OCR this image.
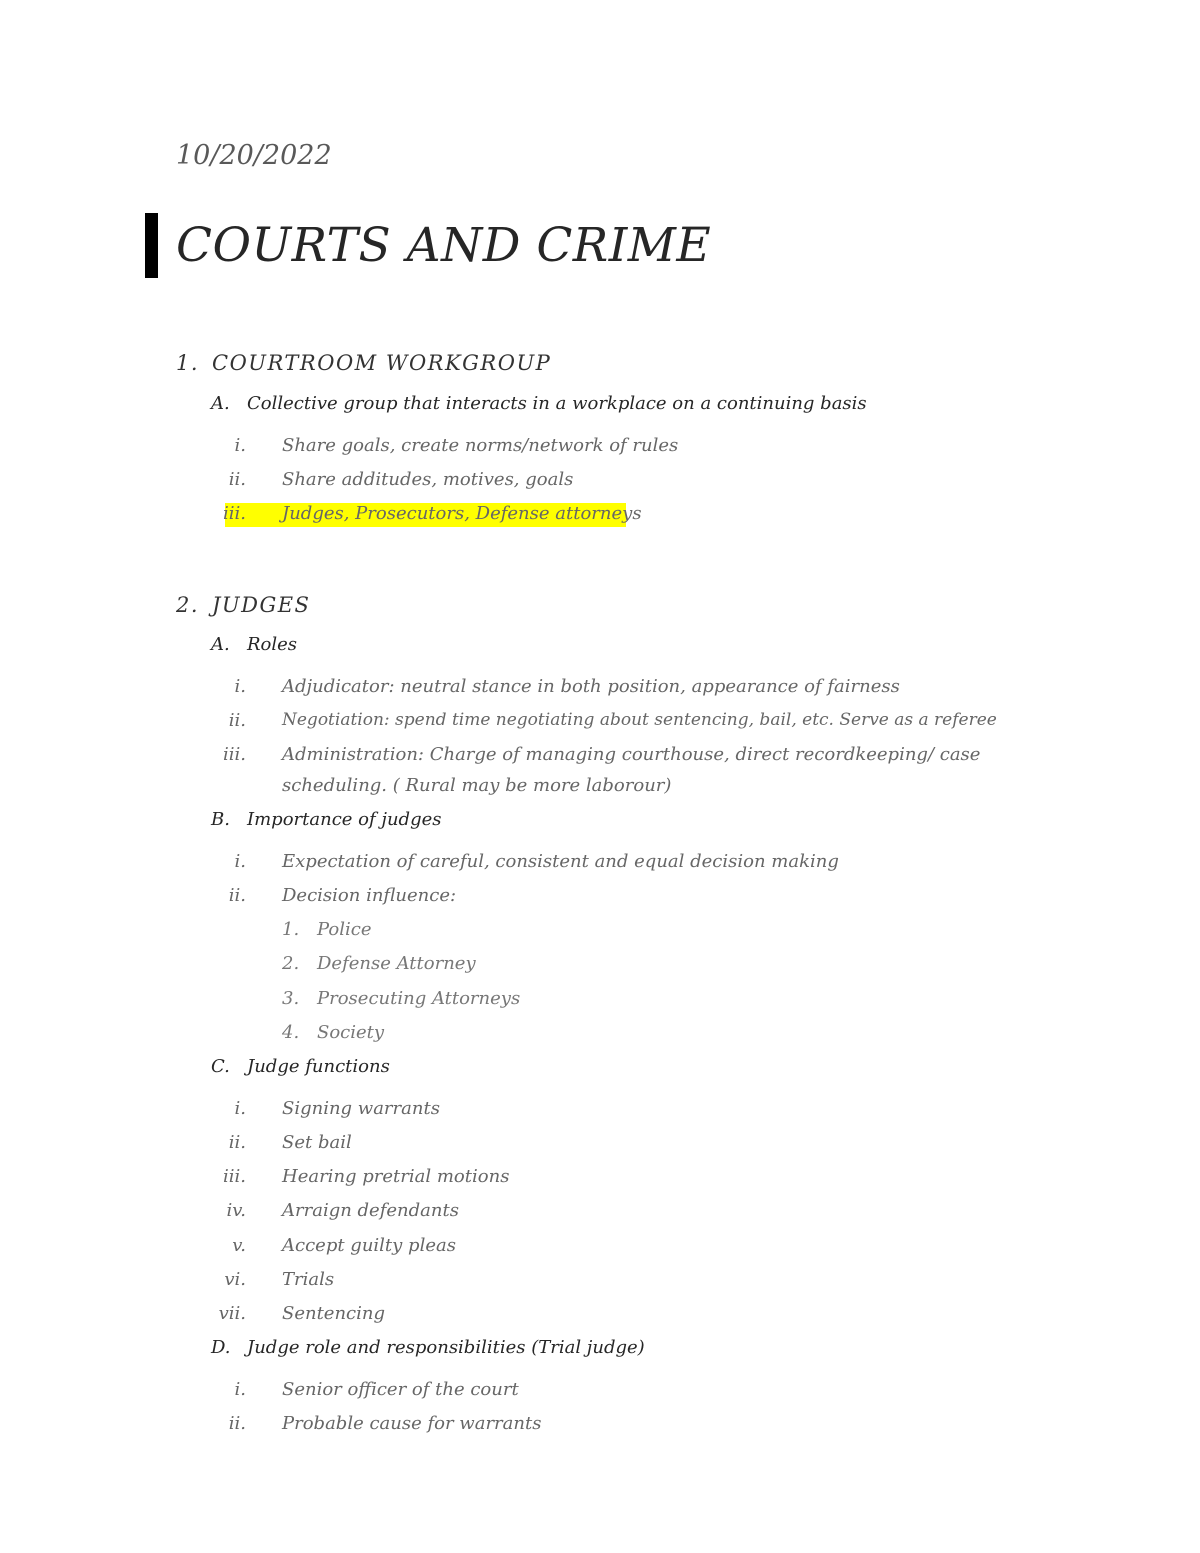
10/20/2022
COURTS AND CRIME
1. COURTROOM WORKGROUP
A. Collective group that interacts in a workplace on a continuing basis
i. Share goals, create norms/network of rules
ii. Share additudes, motives, goals
iii. Judges, Prosecutors, Defense attorneys
2. JUDGES
A. Roles
i. Adjudicator: neutral stance in both position, appearance of fairness
ii. Negotiation: spend time negotiating about sentencing, bail, etc. Serve as a referee
iii. Administration: Charge of managing courthouse, direct recordkeeping/ case
scheduling. ( Rural may be more laborour)
B. Importance of judges
i. Expectation of careful, consistent and equal decision making
ii. Decision influence:
1. Police
2. Defense Attorney
3. Prosecuting Attorneys
4. Society
C. Judge functions
i. Signing warrants
ii. Set bail
iii. Hearing pretrial motions
iv. Arraign defendants
v. Accept guilty pleas
vi. Trials
vii. Sentencing
D. Judge role and responsibilities (Trial judge)
i. Senior officer of the court
ii. Probable cause for warrants
